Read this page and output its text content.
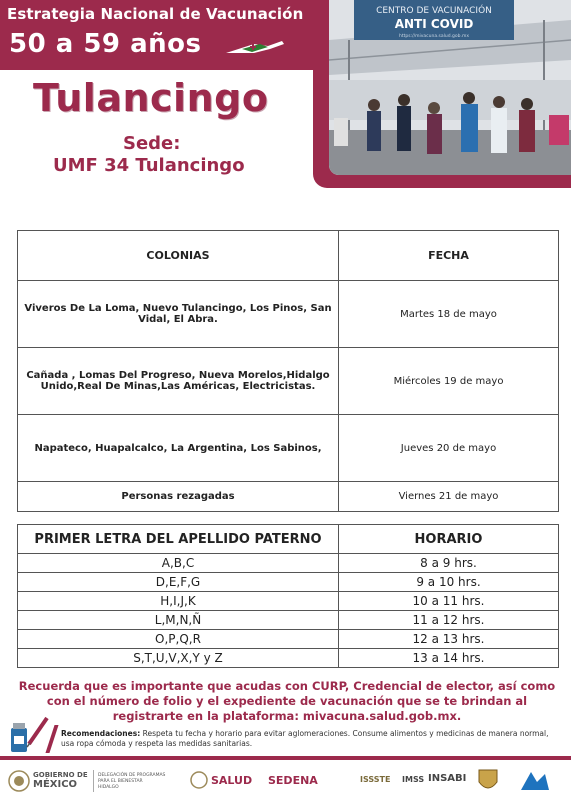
Estrategia Nacional de Vacunación
50 a 59 años
CENTRO DE VACUNACIÓN
ANTI COVID
https://mivacuna.salud.gob.mx
Tulancingo
Sede:
UMF 34 Tulancingo
COLONIAS	FECHA
Viveros De La Loma, Nuevo Tulancingo, Los Pinos, San Vidal, El Abra.	Martes 18 de mayo
Cañada , Lomas Del Progreso, Nueva Morelos,Hidalgo Unido,Real De Minas,Las Américas, Electricistas.	Miércoles 19 de mayo
Napateco, Huapalcalco, La Argentina, Los Sabinos,	Jueves 20 de mayo
Personas rezagadas	Viernes 21 de mayo
PRIMER LETRA DEL APELLIDO PATERNO	HORARIO
A,B,C	8 a 9 hrs.
D,E,F,G	9 a 10 hrs.
H,I,J,K	10 a 11 hrs.
L,M,N,Ñ	11 a 12 hrs.
O,P,Q,R	12 a 13 hrs.
S,T,U,V,X,Y y Z	13 a 14 hrs.
Recuerda que es importante que acudas con CURP, Credencial de elector, así como con el número de folio y el expediente de vacunación que se te brindan al registrarte en la plataforma: mivacuna.salud.gob.mx.
Recomendaciones: Respeta tu fecha y horario para evitar aglomeraciones. Consume alimentos y medicinas de manera normal, usa ropa cómoda y respeta las medidas sanitarias.
GOBIERNO DE
MÉXICO
DELEGACIÓN DE PROGRAMAS
PARA EL BIENESTAR
HIDALGO
SALUD SEDENA	ISSSTE IMSS INSABI
